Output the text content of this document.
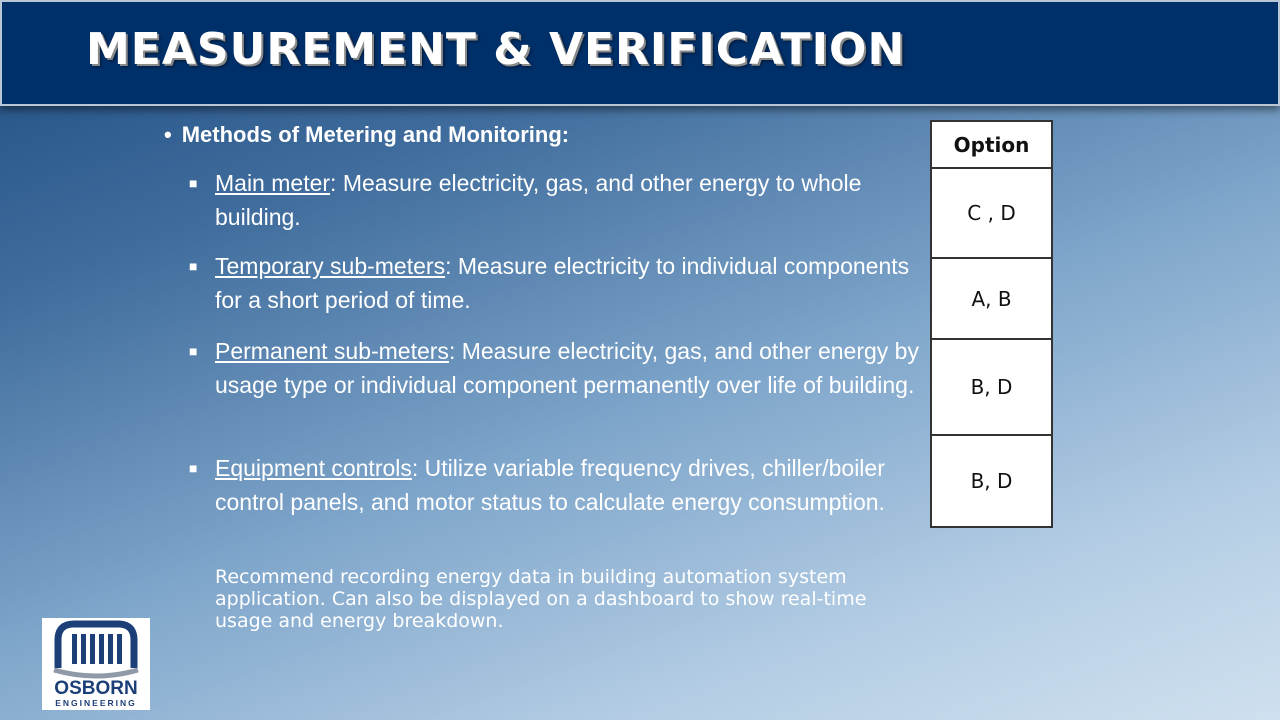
MEASUREMENT & VERIFICATION
• Methods of Metering and Monitoring:
■ Main meter: Measure electricity, gas, and other energy to whole building.
■ Temporary sub-meters: Measure electricity to individual components for a short period of time.
■ Permanent sub-meters: Measure electricity, gas, and other energy by usage type or individual component permanently over life of building.
■ Equipment controls: Utilize variable frequency drives, chiller/boiler control panels, and motor status to calculate energy consumption.
Recommend recording energy data in building automation system application. Can also be displayed on a dashboard to show real-time usage and energy breakdown.
Option
C , D
A, B
B, D
B, D
OSBORN
ENGINEERING
